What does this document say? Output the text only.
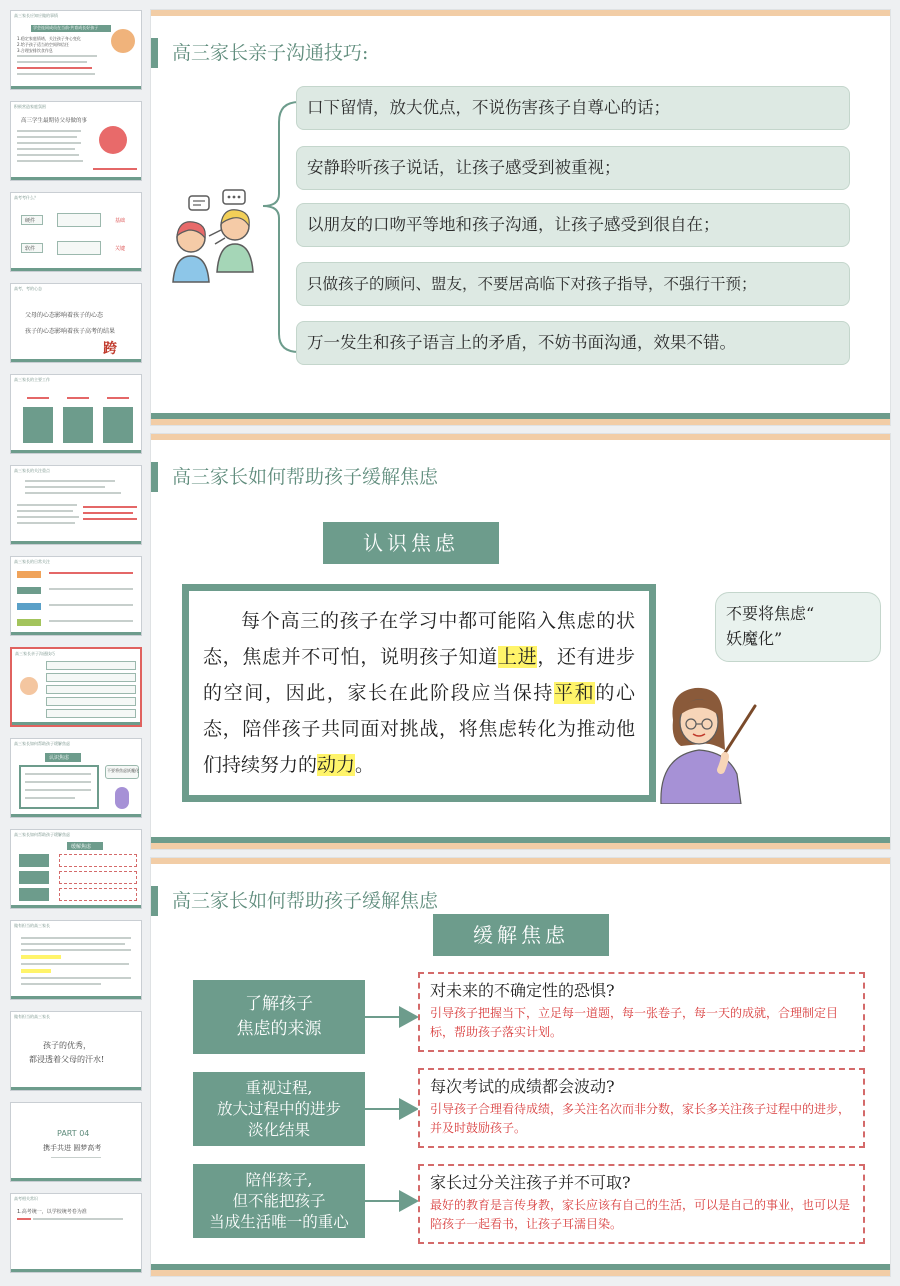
高三家长应知应做的事情
学会连同成员在当前·共育成长好孩子
1.稳定家庭情绪，关注孩子身心变化
2.给予孩子适当的空间和信任
3.合理安排饮食作息
积极营造家庭氛围
高三学生最期待父母做的事
高考考什么？
硬件
软件
基础
关键
高考，考的心态
父母的心态影响着孩子的心态
孩子的心态影响着孩子高考的结果
跨
高三家长的主要工作
高三家长的关注重点
高三家长的日常关注
高三家长亲子沟通技巧
高三家长如何帮助孩子缓解焦虑
认识焦虑
不要将焦虑妖魔化
高三家长如何帮助孩子缓解焦虑
缓解焦虑
做有担当的高三家长
做有担当的高三家长
孩子的优秀，
都浸透着父母的汗水!
PART 04
携手共进 圆梦高考
高考相关常识
1.高考统一，以学校统考卷为准
高三家长亲子沟通技巧:
口下留情，放大优点，不说伤害孩子自尊心的话；
安静聆听孩子说话，让孩子感受到被重视；
以朋友的口吻平等地和孩子沟通，让孩子感受到很自在；
只做孩子的顾问、盟友，不要居高临下对孩子指导，不强行干预；
万一发生和孩子语言上的矛盾，不妨书面沟通，效果不错。
高三家长如何帮助孩子缓解焦虑
认识焦虑
每个高三的孩子在学习中都可能陷入焦虑的状态，焦虑并不可怕，说明孩子知道上进，还有进步的空间，因此，家长在此阶段应当保持平和的心态，陪伴孩子共同面对挑战，将焦虑转化为推动他们持续努力的动力。
不要将焦虑“
妖魔化”
高三家长如何帮助孩子缓解焦虑
缓解焦虑
了解孩子
焦虑的来源
对未来的不确定性的恐惧?
引导孩子把握当下，立足每一道题，每一张卷子，每一天的成就，合理制定目标，帮助孩子落实计划。
重视过程,
放大过程中的进步
淡化结果
每次考试的成绩都会波动?
引导孩子合理看待成绩，多关注名次而非分数，家长多关注孩子过程中的进步，并及时鼓励孩子。
陪伴孩子,
但不能把孩子
当成生活唯一的重心
家长过分关注孩子并不可取?
最好的教育是言传身教，家长应该有自己的生活，可以是自己的事业，也可以是陪孩子一起看书，让孩子耳濡目染。
